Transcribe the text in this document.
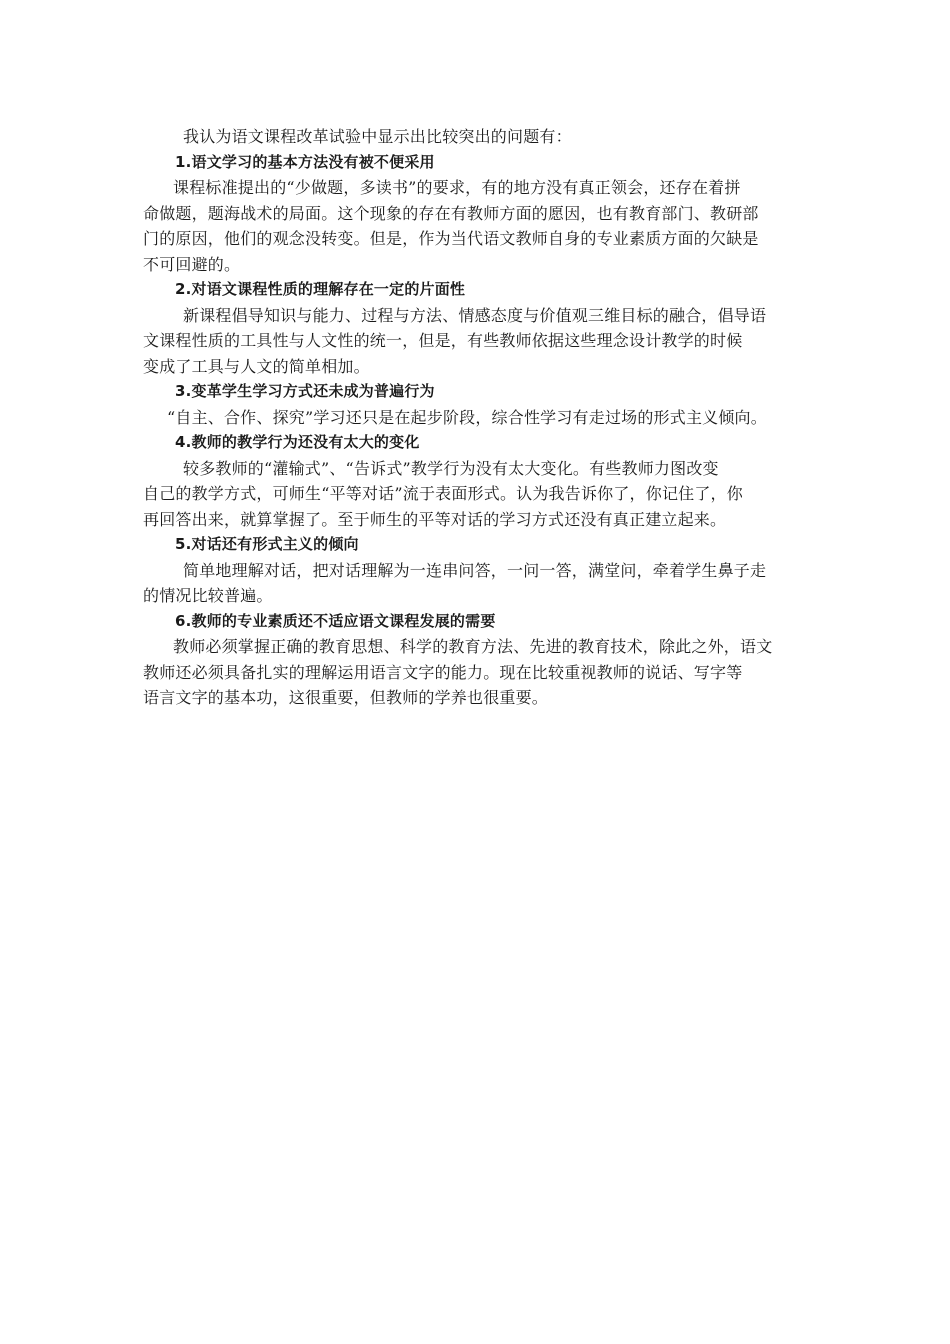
我认为语文课程改革试验中显示出比较突出的问题有：

1.语文学习的基本方法没有被不便采用

课程标准提出的“少做题，多读书”的要求，有的地方没有真正领会，还存在着拼

命做题，题海战术的局面。这个现象的存在有教师方面的愿因，也有教育部门、教研部

门的原因，他们的观念没转变。但是，作为当代语文教师自身的专业素质方面的欠缺是

不可回避的。

2.对语文课程性质的理解存在一定的片面性

新课程倡导知识与能力、过程与方法、情感态度与价值观三维目标的融合，倡导语

文课程性质的工具性与人文性的统一，但是，有些教师依据这些理念设计教学的时候

变成了工具与人文的简单相加。

3.变革学生学习方式还未成为普遍行为

“自主、合作、探究”学习还只是在起步阶段，综合性学习有走过场的形式主义倾向。

4.教师的教学行为还没有太大的变化

较多教师的“灌输式”、“告诉式”教学行为没有太大变化。有些教师力图改变

自己的教学方式，可师生“平等对话”流于表面形式。认为我告诉你了，你记住了，你

再回答出来，就算掌握了。至于师生的平等对话的学习方式还没有真正建立起来。

5.对话还有形式主义的倾向

简单地理解对话，把对话理解为一连串问答，一问一答，满堂问，牵着学生鼻子走

的情况比较普遍。

6.教师的专业素质还不适应语文课程发展的需要

教师必须掌握正确的教育思想、科学的教育方法、先进的教育技术，除此之外，语文

教师还必须具备扎实的理解运用语言文字的能力。现在比较重视教师的说话、写字等

语言文字的基本功，这很重要，但教师的学养也很重要。
